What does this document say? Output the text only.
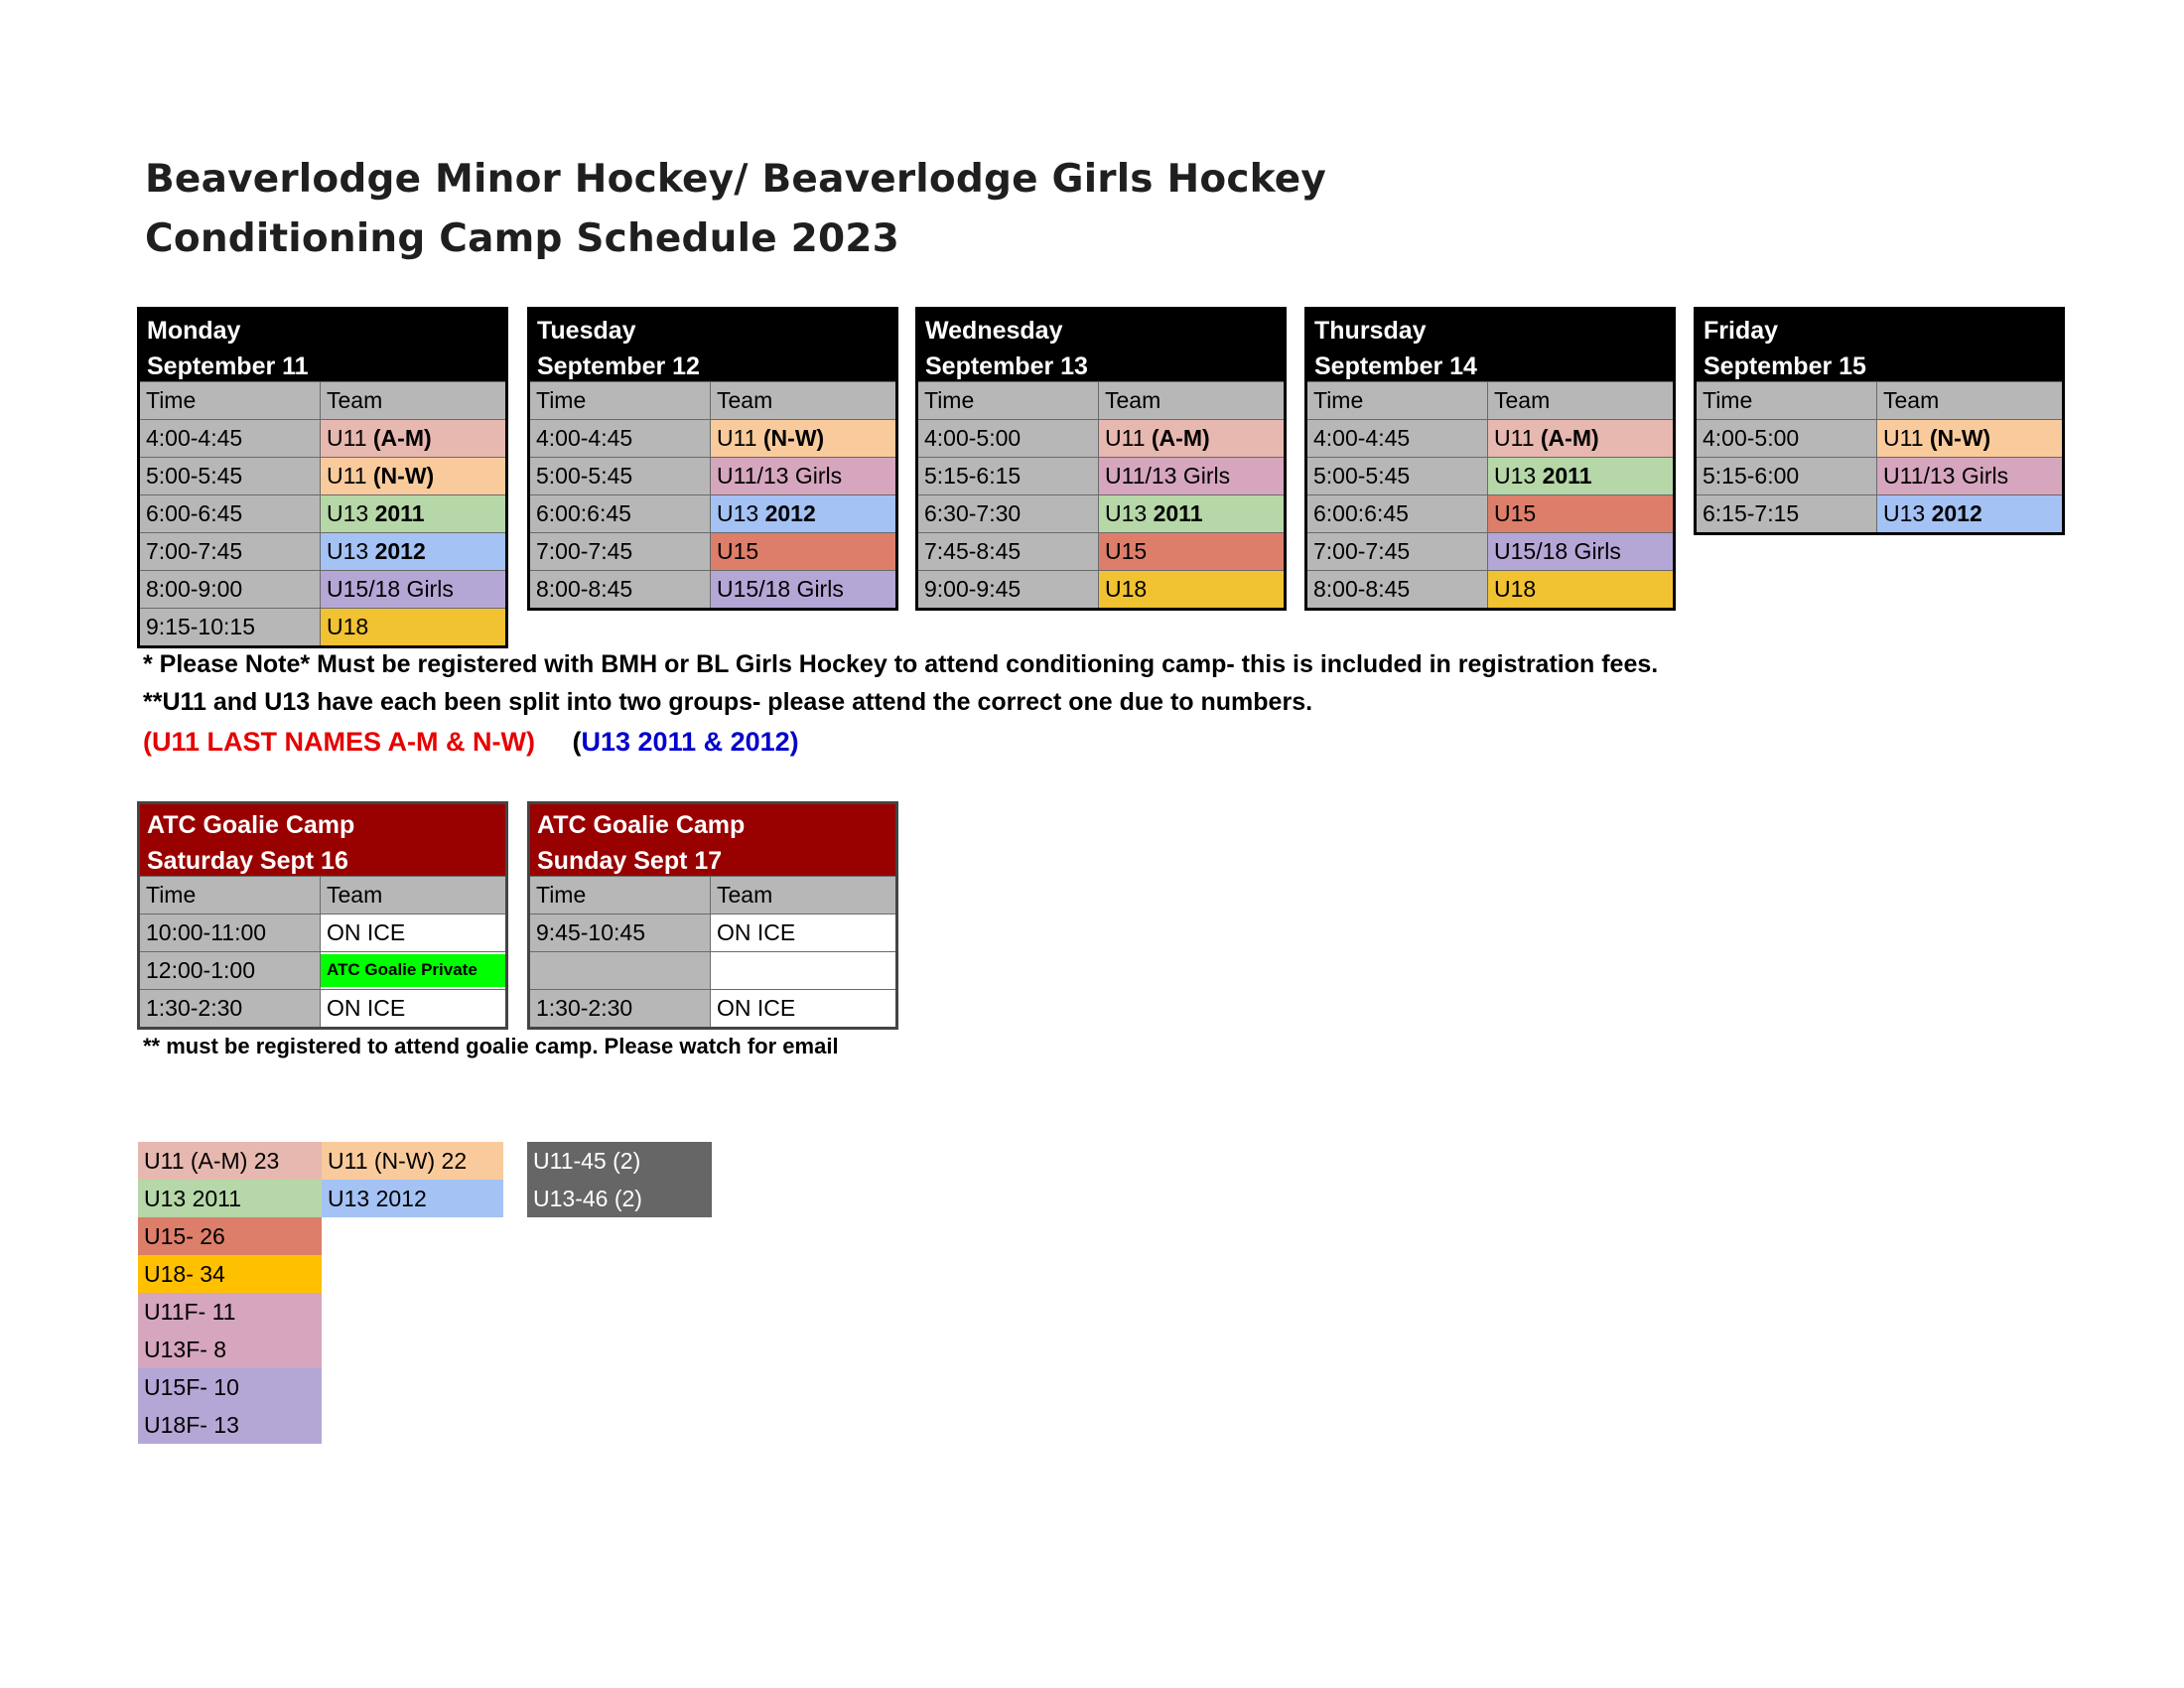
Beaverlodge Minor Hockey/ Beaverlodge Girls Hockey
Conditioning Camp Schedule 2023
Monday
September 11
Time	Team
4:00-4:45	U11 (A-M)
5:00-5:45	U11 (N-W)
6:00-6:45	U13 2011
7:00-7:45	U13 2012
8:00-9:00	U15/18 Girls
9:15-10:15	U18
Tuesday
September 12
Time	Team
4:00-4:45	U11 (N-W)
5:00-5:45	U11/13 Girls
6:00:6:45	U13 2012
7:00-7:45	U15
8:00-8:45	U15/18 Girls
Wednesday
September 13
Time	Team
4:00-5:00	U11 (A-M)
5:15-6:15	U11/13 Girls
6:30-7:30	U13 2011
7:45-8:45	U15
9:00-9:45	U18
Thursday
September 14
Time	Team
4:00-4:45	U11 (A-M)
5:00-5:45	U13 2011
6:00:6:45	U15
7:00-7:45	U15/18 Girls
8:00-8:45	U18
Friday
September 15
Time	Team
4:00-5:00	U11 (N-W)
5:15-6:00	U11/13 Girls
6:15-7:15	U13 2012
* Please Note* Must be registered with BMH or BL Girls Hockey to attend conditioning camp- this is included in registration fees.
**U11 and U13 have each been split into two groups- please attend the correct one due to numbers.
(U11 LAST NAMES A-M & N-W) (U13 2011 & 2012)
ATC Goalie Camp
Saturday Sept 16
Time	Team
10:00-11:00	ON ICE
12:00-1:00	ATC Goalie Private
1:30-2:30	ON ICE
ATC Goalie Camp
Sunday Sept 17
Time	Team
9:45-10:45	ON ICE
1:30-2:30	ON ICE
** must be registered to attend goalie camp. Please watch for email
U11 (A-M) 23	U11 (N-W) 22
U13 2011	U13 2012
U15- 26
U18- 34
U11F- 11
U13F- 8
U15F- 10
U18F- 13
U11-45 (2)
U13-46 (2)
